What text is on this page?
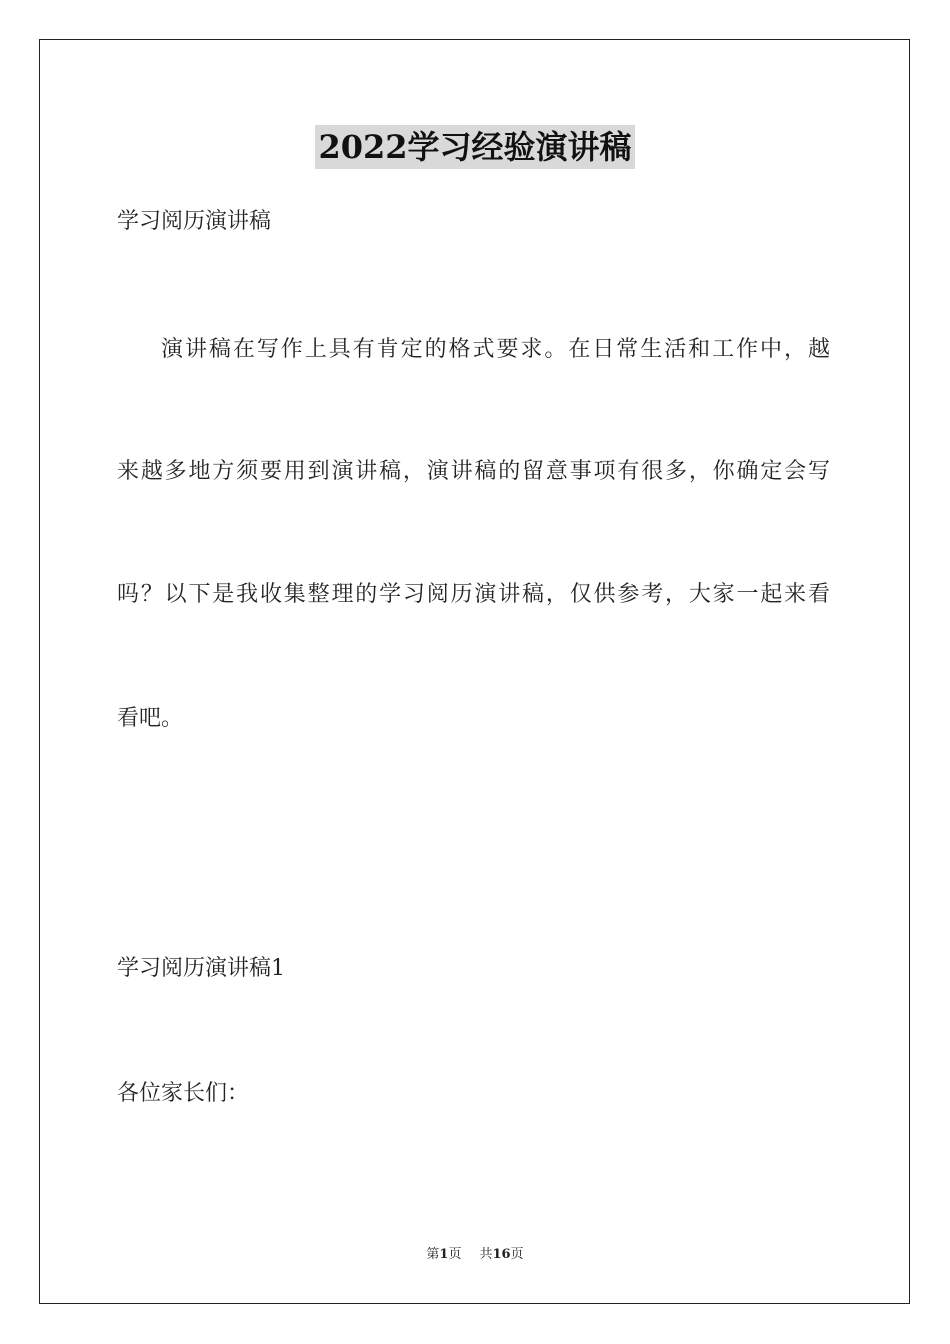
2022学习经验演讲稿
学习阅历演讲稿
演讲稿在写作上具有肯定的格式要求。在日常生活和工作中，越
来越多地方须要用到演讲稿，演讲稿的留意事项有很多，你确定会写
吗？以下是我收集整理的学习阅历演讲稿，仅供参考，大家一起来看
看吧。
学习阅历演讲稿1
各位家长们：
第1页 共16页
